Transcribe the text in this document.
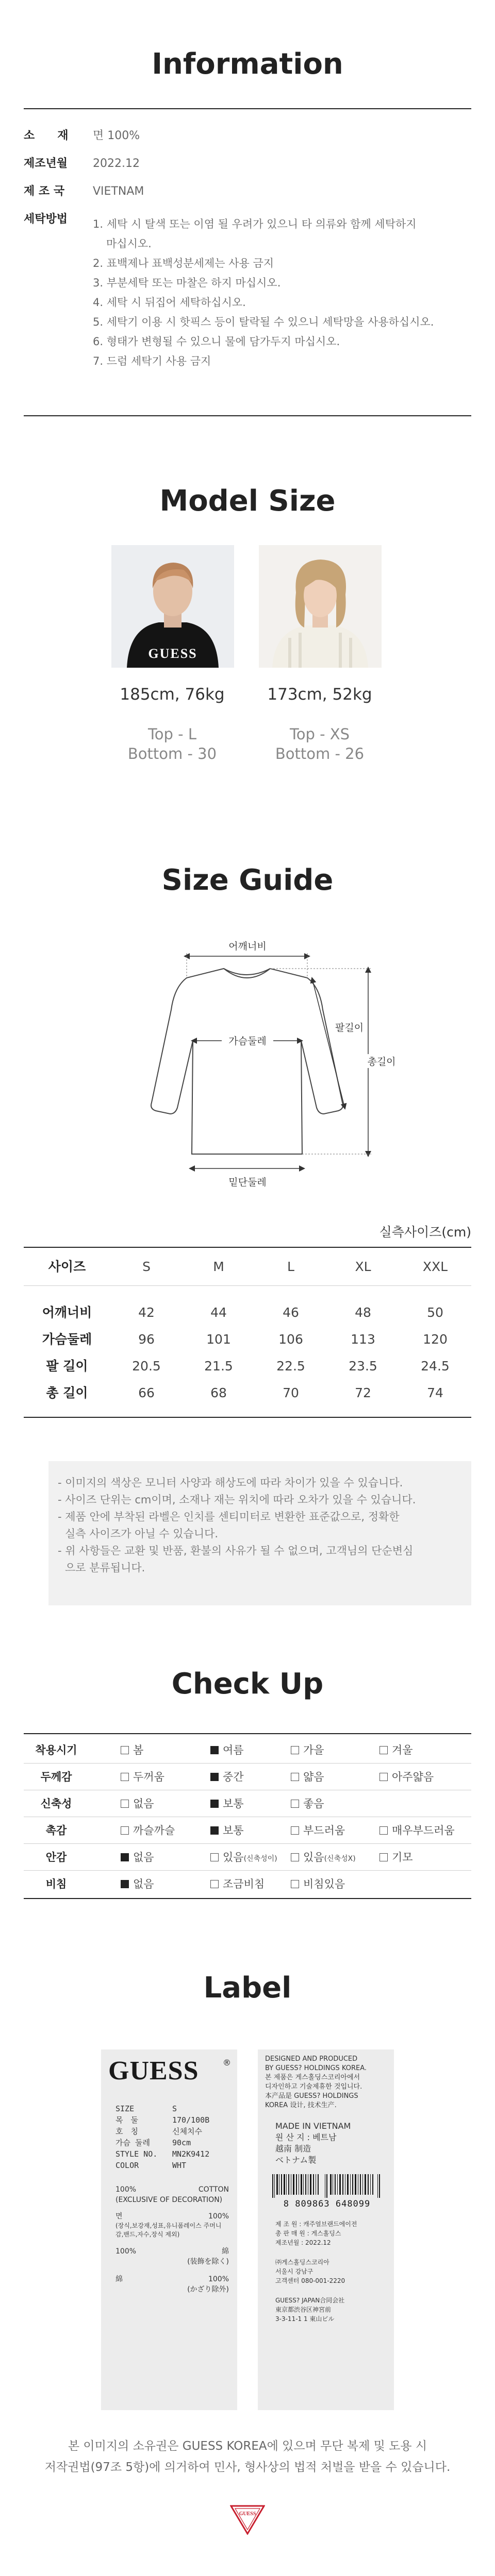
Information
소　　재	면 100%
제조년월	2022.12
제 조 국	VIETNAM
세탁방법	1. 세탁 시 탈색 또는 이염 될 우려가 있으니 타 의류와 함께 세탁하지
마십시오.
2. 표백제나 표백성분세제는 사용 금지
3. 부분세탁 또는 마찰은 하지 마십시오.
4. 세탁 시 뒤집어 세탁하십시오.
5. 세탁기 이용 시 핫픽스 등이 탈락될 수 있으니 세탁망을 사용하십시오.
6. 형태가 변형될 수 있으니 물에 담가두지 마십시오.
7. 드럼 세탁기 사용 금지
Model Size
GUESS
185cm, 76kg	173cm, 52kg
Top - L
Bottom - 30
Top - XS
Bottom - 26
Size Guide
어깨너비
가슴둘레
팔길이
총길이
밑단둘레
실측사이즈(cm)
사이즈	S	M	L	XL	XXL
어깨너비	42	44	46	48	50
가슴둘레	96	101	106	113	120
팔 길이	20.5	21.5	22.5	23.5	24.5
총 길이	66	68	70	72	74
- 이미지의 색상은 모니터 사양과 해상도에 따라 차이가 있을 수 있습니다.
- 사이즈 단위는 cm이며, 소재나 재는 위치에 따라 오차가 있을 수 있습니다.
- 제품 안에 부착된 라벨은 인치를 센티미터로 변환한 표준값으로, 정확한
실측 사이즈가 아닐 수 있습니다.
- 위 사항들은 교환 및 반품, 환불의 사유가 될 수 없으며, 고객님의 단순변심
으로 분류됩니다.
Check Up
착용시기	봄	여름	가을	겨울
두께감	두꺼움	중간	얇음	아주얇음
신축성	없음	보통	좋음
촉감	까슬까슬	보통	부드러움	매우부드러움
안감	없음	있음(신축성이)	있음(신축성X)	기모
비침	없음	조금비침	비침있음
Label
GUESS	®
SIZE	S
목　둘	170/100B
호　칭	신체치수
가슴 둘레	90cm
STYLE NO. MN2K9412
COLOR	WHT
100%	COTTON
(EXCLUSIVE OF DECORATION)
면	100%
(장식,보강재,성표,유니폼레이스 주머니감,밴드,자수,장식 제외)
100%	綿
(装飾を除く)
綿	100%
(かざり除外)
DESIGNED AND PRODUCED
BY GUESS? HOLDINGS KOREA.
본 제품은 게스홀딩스코리아에서
디자인하고 기술제휴한 것입니다.
本产品是 GUESS? HOLDINGS
KOREA 设计, 技术生产.
MADE IN VIETNAM
원 산 지 : 베트남
越南 制造
ベトナム製
8 809863 648099
제 조 원 : 캐주얼브랜드에이전
총 판 매 원 : 게스홀딩스
제조년월 : 2022.12
㈜게스홀딩스코리아
서울시 강남구
고객센터 080-001-2220
GUESS? JAPAN合同会社
東京都渋谷区神宮前
3-3-11-1 1 東山ビル
본 이미지의 소유권은 GUESS KOREA에 있으며 무단 복제 및 도용 시
저작권법(97조 5항)에 의거하여 민사, 형사상의 법적 처벌을 받을 수 있습니다.
GUESS
